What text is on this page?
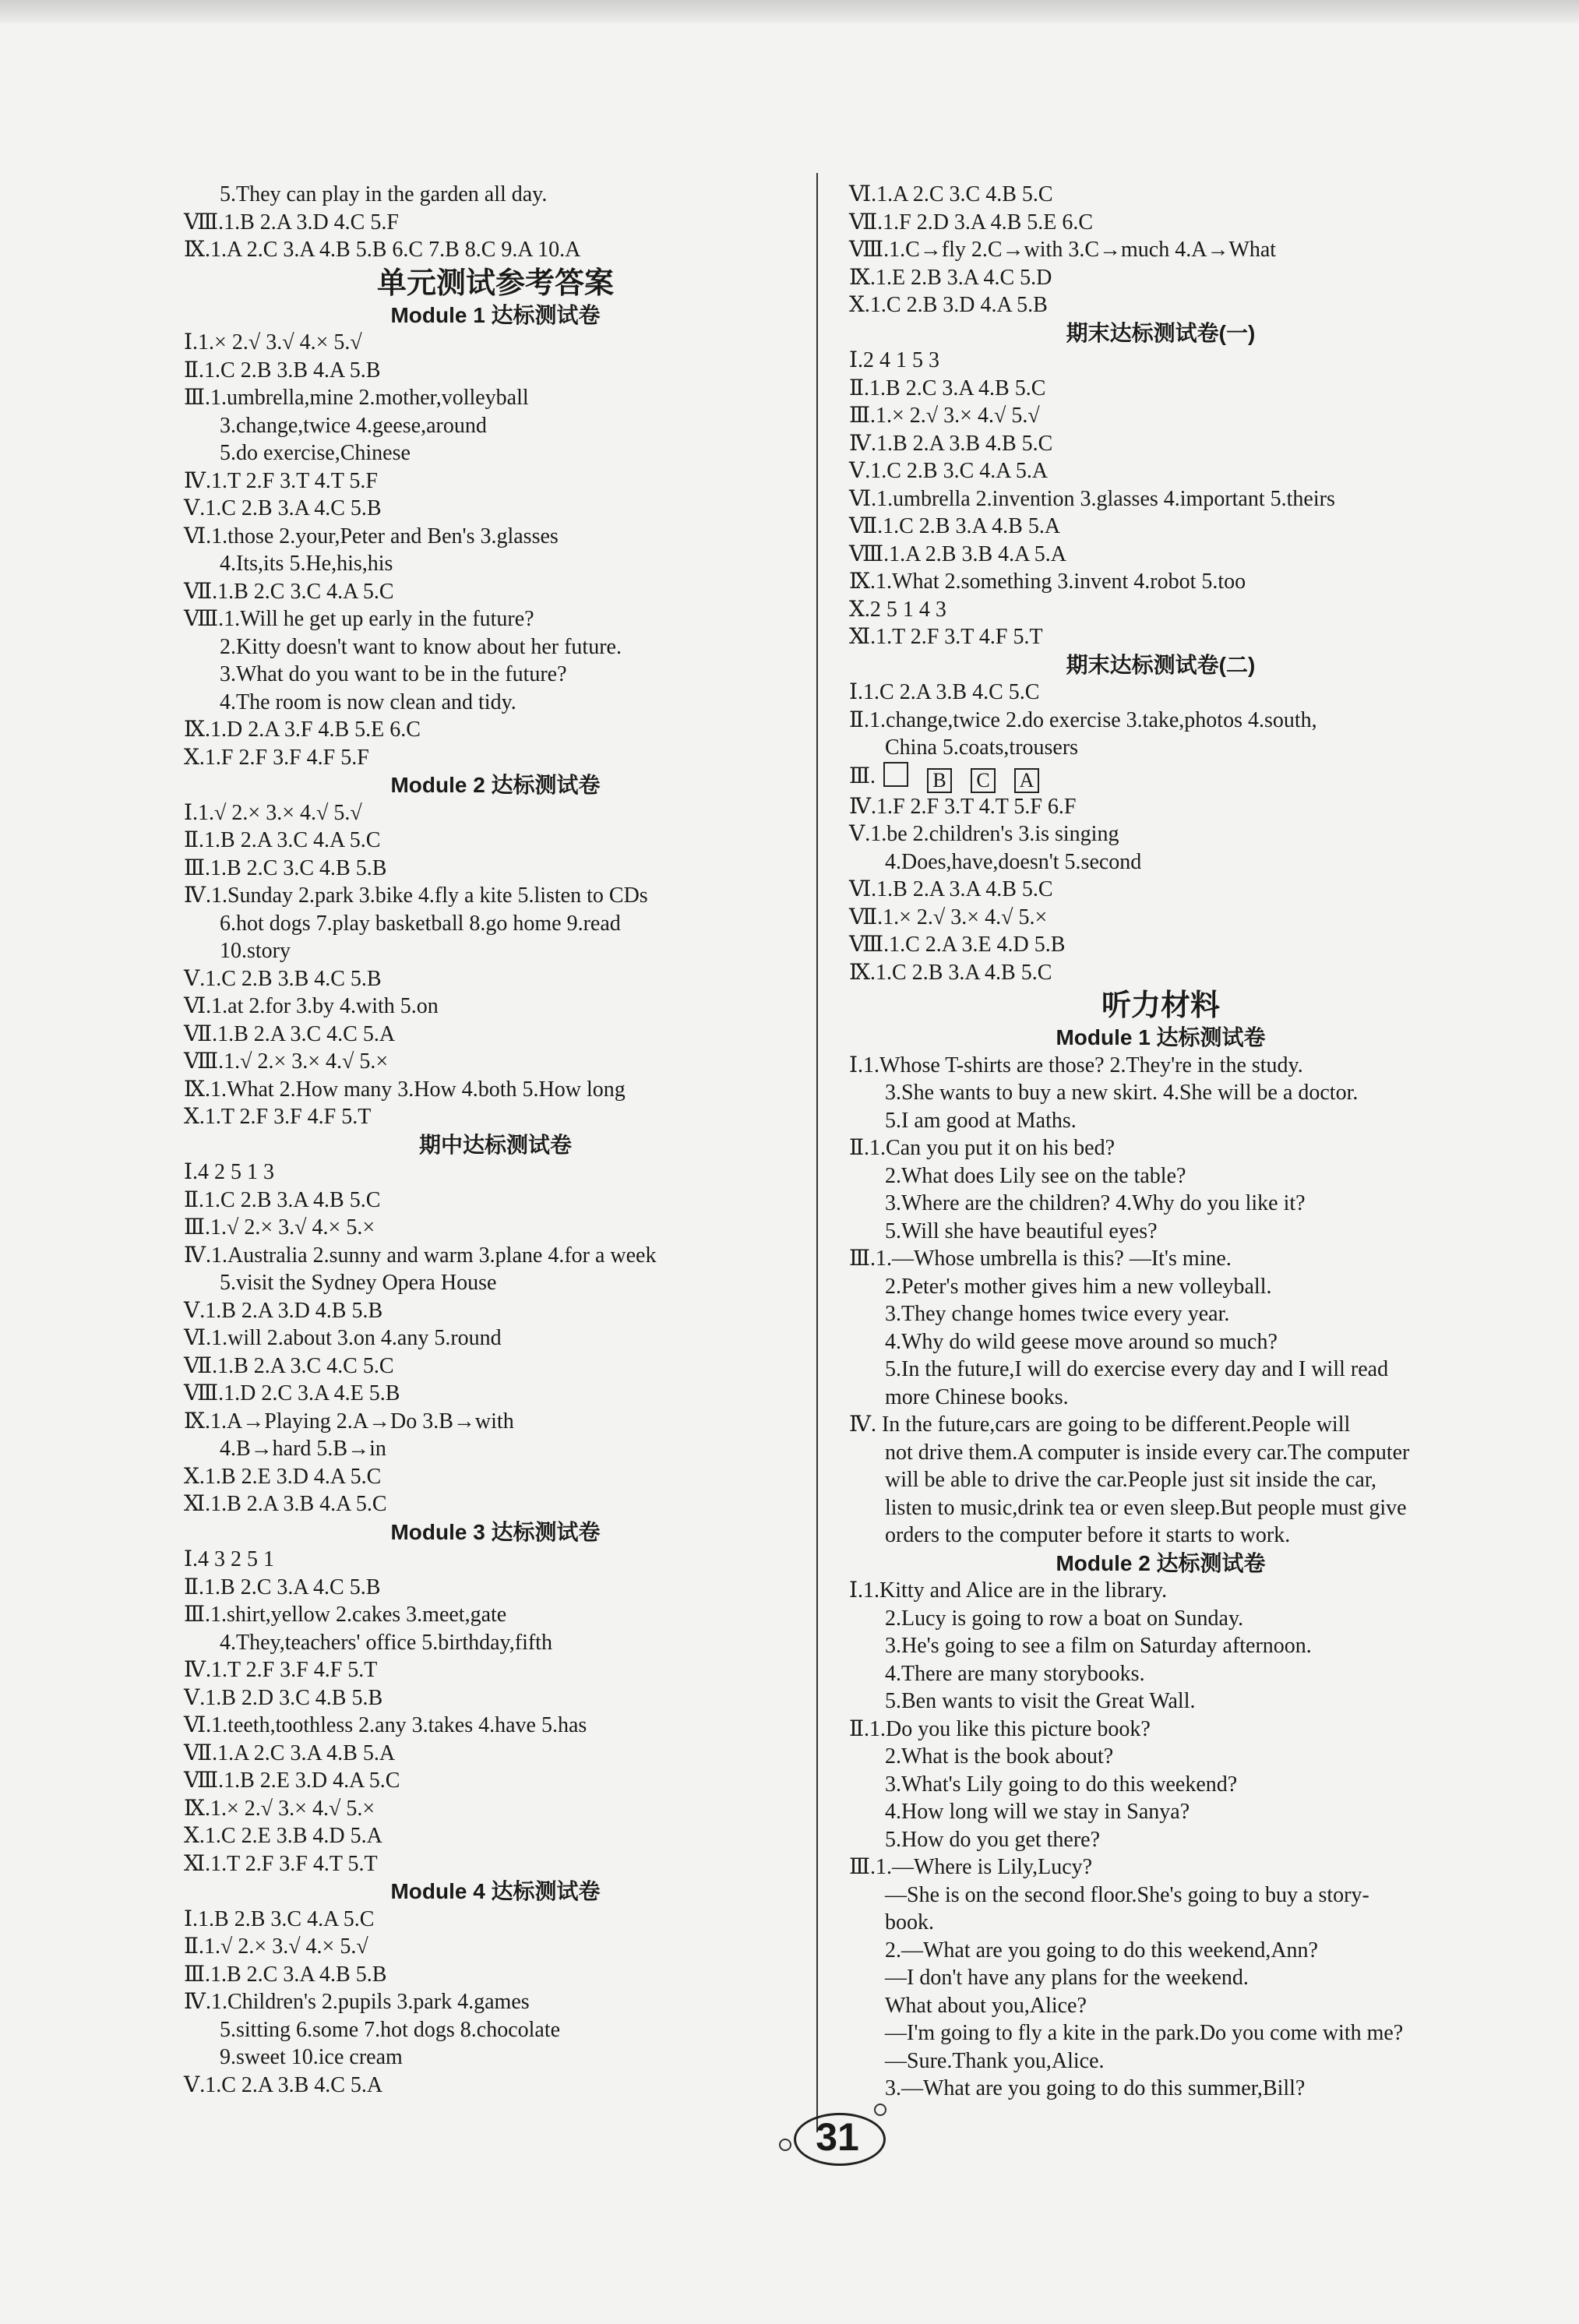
5.They can play in the garden all day.
Ⅷ.1.B 2.A 3.D 4.C 5.F
Ⅸ.1.A 2.C 3.A 4.B 5.B 6.C 7.B 8.C 9.A 10.A
单元测试参考答案
Module 1 达标测试卷
Ⅰ.1.× 2.√ 3.√ 4.× 5.√
Ⅱ.1.C 2.B 3.B 4.A 5.B
Ⅲ.1.umbrella,mine 2.mother,volleyball
3.change,twice 4.geese,around
5.do exercise,Chinese
Ⅳ.1.T 2.F 3.T 4.T 5.F
Ⅴ.1.C 2.B 3.A 4.C 5.B
Ⅵ.1.those 2.your,Peter and Ben's 3.glasses
4.Its,its 5.He,his,his
Ⅶ.1.B 2.C 3.C 4.A 5.C
Ⅷ.1.Will he get up early in the future?
2.Kitty doesn't want to know about her future.
3.What do you want to be in the future?
4.The room is now clean and tidy.
Ⅸ.1.D 2.A 3.F 4.B 5.E 6.C
Ⅹ.1.F 2.F 3.F 4.F 5.F
Module 2 达标测试卷
Ⅰ.1.√ 2.× 3.× 4.√ 5.√
Ⅱ.1.B 2.A 3.C 4.A 5.C
Ⅲ.1.B 2.C 3.C 4.B 5.B
Ⅳ.1.Sunday 2.park 3.bike 4.fly a kite 5.listen to CDs
6.hot dogs 7.play basketball 8.go home 9.read
10.story
Ⅴ.1.C 2.B 3.B 4.C 5.B
Ⅵ.1.at 2.for 3.by 4.with 5.on
Ⅶ.1.B 2.A 3.C 4.C 5.A
Ⅷ.1.√ 2.× 3.× 4.√ 5.×
Ⅸ.1.What 2.How many 3.How 4.both 5.How long
Ⅹ.1.T 2.F 3.F 4.F 5.T
期中达标测试卷
Ⅰ.4 2 5 1 3
Ⅱ.1.C 2.B 3.A 4.B 5.C
Ⅲ.1.√ 2.× 3.√ 4.× 5.×
Ⅳ.1.Australia 2.sunny and warm 3.plane 4.for a week
5.visit the Sydney Opera House
Ⅴ.1.B 2.A 3.D 4.B 5.B
Ⅵ.1.will 2.about 3.on 4.any 5.round
Ⅶ.1.B 2.A 3.C 4.C 5.C
Ⅷ.1.D 2.C 3.A 4.E 5.B
Ⅸ.1.A→Playing 2.A→Do 3.B→with
4.B→hard 5.B→in
Ⅹ.1.B 2.E 3.D 4.A 5.C
Ⅺ.1.B 2.A 3.B 4.A 5.C
Module 3 达标测试卷
Ⅰ.4 3 2 5 1
Ⅱ.1.B 2.C 3.A 4.C 5.B
Ⅲ.1.shirt,yellow 2.cakes 3.meet,gate
4.They,teachers' office 5.birthday,fifth
Ⅳ.1.T 2.F 3.F 4.F 5.T
Ⅴ.1.B 2.D 3.C 4.B 5.B
Ⅵ.1.teeth,toothless 2.any 3.takes 4.have 5.has
Ⅶ.1.A 2.C 3.A 4.B 5.A
Ⅷ.1.B 2.E 3.D 4.A 5.C
Ⅸ.1.× 2.√ 3.× 4.√ 5.×
Ⅹ.1.C 2.E 3.B 4.D 5.A
Ⅺ.1.T 2.F 3.F 4.T 5.T
Module 4 达标测试卷
Ⅰ.1.B 2.B 3.C 4.A 5.C
Ⅱ.1.√ 2.× 3.√ 4.× 5.√
Ⅲ.1.B 2.C 3.A 4.B 5.B
Ⅳ.1.Children's 2.pupils 3.park 4.games
5.sitting 6.some 7.hot dogs 8.chocolate
9.sweet 10.ice cream
Ⅴ.1.C 2.A 3.B 4.C 5.A
Ⅵ.1.A 2.C 3.C 4.B 5.C
Ⅶ.1.F 2.D 3.A 4.B 5.E 6.C
Ⅷ.1.C→fly 2.C→with 3.C→much 4.A→What
Ⅸ.1.E 2.B 3.A 4.C 5.D
Ⅹ.1.C 2.B 3.D 4.A 5.B
期末达标测试卷(一)
Ⅰ.2 4 1 5 3
Ⅱ.1.B 2.C 3.A 4.B 5.C
Ⅲ.1.× 2.√ 3.× 4.√ 5.√
Ⅳ.1.B 2.A 3.B 4.B 5.C
Ⅴ.1.C 2.B 3.C 4.A 5.A
Ⅵ.1.umbrella 2.invention 3.glasses 4.important 5.theirs
Ⅶ.1.C 2.B 3.A 4.B 5.A
Ⅷ.1.A 2.B 3.B 4.A 5.A
Ⅸ.1.What 2.something 3.invent 4.robot 5.too
Ⅹ.2 5 1 4 3
Ⅺ.1.T 2.F 3.T 4.F 5.T
期末达标测试卷(二)
Ⅰ.1.C 2.A 3.B 4.C 5.C
Ⅱ.1.change,twice 2.do exercise 3.take,photos 4.south,
China 5.coats,trousers
Ⅲ.	B C A
Ⅳ.1.F 2.F 3.T 4.T 5.F 6.F
Ⅴ.1.be 2.children's 3.is singing
4.Does,have,doesn't 5.second
Ⅵ.1.B 2.A 3.A 4.B 5.C
Ⅶ.1.× 2.√ 3.× 4.√ 5.×
Ⅷ.1.C 2.A 3.E 4.D 5.B
Ⅸ.1.C 2.B 3.A 4.B 5.C
听力材料
Module 1 达标测试卷
Ⅰ.1.Whose T-shirts are those? 2.They're in the study.
3.She wants to buy a new skirt. 4.She will be a doctor.
5.I am good at Maths.
Ⅱ.1.Can you put it on his bed?
2.What does Lily see on the table?
3.Where are the children? 4.Why do you like it?
5.Will she have beautiful eyes?
Ⅲ.1.—Whose umbrella is this? —It's mine.
2.Peter's mother gives him a new volleyball.
3.They change homes twice every year.
4.Why do wild geese move around so much?
5.In the future,I will do exercise every day and I will read
more Chinese books.
Ⅳ. In the future,cars are going to be different.People will
not drive them.A computer is inside every car.The computer
will be able to drive the car.People just sit inside the car,
listen to music,drink tea or even sleep.But people must give
orders to the computer before it starts to work.
Module 2 达标测试卷
Ⅰ.1.Kitty and Alice are in the library.
2.Lucy is going to row a boat on Sunday.
3.He's going to see a film on Saturday afternoon.
4.There are many storybooks.
5.Ben wants to visit the Great Wall.
Ⅱ.1.Do you like this picture book?
2.What is the book about?
3.What's Lily going to do this weekend?
4.How long will we stay in Sanya?
5.How do you get there?
Ⅲ.1.—Where is Lily,Lucy?
—She is on the second floor.She's going to buy a story-
book.
2.—What are you going to do this weekend,Ann?
—I don't have any plans for the weekend.
What about you,Alice?
—I'm going to fly a kite in the park.Do you come with me?
—Sure.Thank you,Alice.
3.—What are you going to do this summer,Bill?
31
